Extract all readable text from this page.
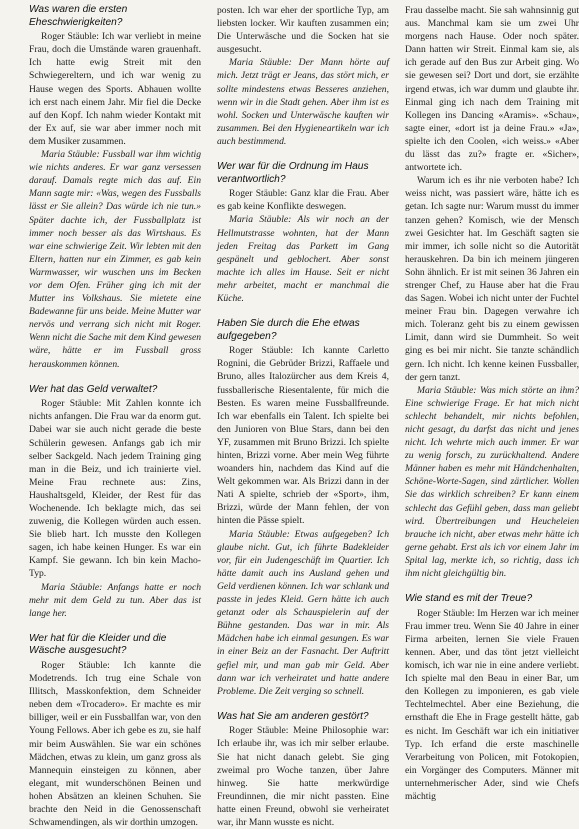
Was waren die ersten Eheschwierigkeiten?

Roger Stäuble: Ich war verliebt in meine Frau, doch die Umstände waren grauenhaft. Ich hatte ewig Streit mit den Schwiegereltern, und ich war wenig zu Hause wegen des Sports. Abhauen wollte ich erst nach einem Jahr. Mir fiel die Decke auf den Kopf. Ich nahm wieder Kontakt mit der Ex auf, sie war aber immer noch mit dem Musiker zusammen.

Maria Stäuble: Fussball war ihm wichtig wie nichts anderes. Er war ganz versessen darauf. Damals regte mich das auf. Ein Mann sagte mir: «Was, wegen des Fussballs lässt er Sie allein? Das würde ich nie tun.» Später dachte ich, der Fussballplatz ist immer noch besser als das Wirtshaus. Es war eine schwierige Zeit. Wir lebten mit den Eltern, hatten nur ein Zimmer, es gab kein Warmwasser, wir wuschen uns im Becken vor dem Ofen. Früher ging ich mit der Mutter ins Volkshaus. Sie mietete eine Badewanne für uns beide. Meine Mutter war nervös und verrang sich nicht mit Roger. Wenn nicht die Sache mit dem Kind gewesen wäre, hätte er im Fussball gross herauskommen können.

Wer hat das Geld verwaltet?

Roger Stäuble: Mit Zahlen konnte ich nichts anfangen. Die Frau war da enorm gut. Dabei war sie auch nicht gerade die beste Schülerin gewesen. Anfangs gab ich mir selber Sackgeld. Nach jedem Training ging man in die Beiz, und ich trainierte viel. Meine Frau rechnete aus: Zins, Haushaltsgeld, Kleider, der Rest für das Wochenende. Ich beklagte mich, das sei zuwenig, die Kollegen würden auch essen. Sie blieb hart. Ich musste den Kollegen sagen, ich habe keinen Hunger. Es war ein Kampf. Sie gewann. Ich bin kein Macho-Typ.

Maria Stäuble: Anfangs hatte er noch mehr mit dem Geld zu tun. Aber das ist lange her.

Wer hat für die Kleider und die Wäsche ausgesucht?

Roger Stäuble: Ich kannte die Modetrends. Ich trug eine Schale von Illitsch, Masskonfektion, dem Schneider neben dem «Trocadero». Er machte es mir billiger, weil er ein Fussballfan war, von den Young Fellows. Aber ich gebe es zu, sie half mir beim Auswählen. Sie war ein schönes Mädchen, etwas zu klein, um ganz gross als Mannequin einsteigen zu können, aber elegant, mit wunderschönen Beinen und hohen Absätzen an kleinen Schuhen. Sie brachte den Neid in die Genossenschaft Schwamendingen, als wir dorthin umzogen.

posten. Ich war eher der sportliche Typ, am liebsten locker. Wir kauften zusammen ein; Die Unterwäsche und die Socken hat sie ausgesucht.

Maria Stäuble: Der Mann hörte auf mich. Jetzt trägt er Jeans, das stört mich, er sollte mindestens etwas Besseres anziehen, wenn wir in die Stadt gehen. Aber ihm ist es wohl. Socken und Unterwäsche kauften wir zusammen. Bei den Hygieneartikeln war ich auch bestimmend.

Wer war für die Ordnung im Haus verantwortlich?

Roger Stäuble: Ganz klar die Frau. Aber es gab keine Konflikte deswegen.

Maria Stäuble: Als wir noch an der Hellmutstrasse wohnten, hat der Mann jeden Freitag das Parkett im Gang gespänelt und geblochert. Aber sonst machte ich alles im Hause. Seit er nicht mehr arbeitet, macht er manchmal die Küche.

Haben Sie durch die Ehe etwas aufgegeben?

Roger Stäuble: Ich kannte Carletto Rognini, die Gebrüder Brizzi, Raffaele und Bruno, alles Italozürcher aus dem Kreis 4, fussballerische Riesentalente, für mich die Besten. Es waren meine Fussballfreunde. Ich war ebenfalls ein Talent. Ich spielte bei den Junioren von Blue Stars, dann bei den YF, zusammen mit Bruno Brizzi. Ich spielte hinten, Brizzi vorne. Aber mein Weg führte woanders hin, nachdem das Kind auf die Welt gekommen war. Als Brizzi dann in der Nati A spielte, schrieb der «Sport», ihm, Brizzi, würde der Mann fehlen, der von hinten die Pässe spielt.

Maria Stäuble: Etwas aufgegeben? Ich glaube nicht. Gut, ich führte Badekleider vor, für ein Judengeschäft im Quartier. Ich hätte damit auch ins Ausland gehen und Geld verdienen können. Ich war schlank und passte in jedes Kleid. Gern hätte ich auch getanzt oder als Schauspielerin auf der Bühne gestanden. Das war in mir. Als Mädchen habe ich einmal gesungen. Es war in einer Beiz an der Fasnacht. Der Auftritt gefiel mir, und man gab mir Geld. Aber dann war ich verheiratet und hatte andere Probleme. Die Zeit verging so schnell.

Was hat Sie am anderen gestört?

Roger Stäuble: Meine Philosophie war: Ich erlaube ihr, was ich mir selber erlaube. Sie hat nicht danach gelebt. Sie ging zweimal pro Woche tanzen, über Jahre hinweg. Sie hatte merkwürdige Freundinnen, die mir nicht passten. Eine hatte einen Freund, obwohl sie verheiratet war, ihr Mann wusste es nicht.

Frau dasselbe macht. Sie sah wahnsinnig gut aus. Manchmal kam sie um zwei Uhr morgens nach Hause. Oder noch später. Dann hatten wir Streit. Einmal kam sie, als ich gerade auf den Bus zur Arbeit ging. Wo sie gewesen sei? Dort und dort, sie erzählte irgend etwas, ich war dumm und glaubte ihr. Einmal ging ich nach dem Training mit Kollegen ins Dancing «Aramis». «Schau», sagte einer, «dort ist ja deine Frau.» «Ja», spielte ich den Coolen, «ich weiss.» «Aber du lässt das zu?» fragte er. «Sicher», antwortete ich.

Warum ich es ihr nie verboten habe? Ich weiss nicht, was passiert wäre, hätte ich es getan. Ich sagte nur: Warum musst du immer tanzen gehen? Komisch, wie der Mensch zwei Gesichter hat. Im Geschäft sagten sie mir immer, ich solle nicht so die Autorität herauskehren. Da bin ich meinem jüngeren Sohn ähnlich. Er ist mit seinen 36 Jahren ein strenger Chef, zu Hause aber hat die Frau das Sagen. Wobei ich nicht unter der Fuchtel meiner Frau bin. Dagegen verwahre ich mich. Toleranz geht bis zu einem gewissen Limit, dann wird sie Dummheit. So weit ging es bei mir nicht. Sie tanzte schändlich gern. Ich nicht. Ich kenne keinen Fussballer, der gern tanzt.

Maria Stäuble: Was mich störte an ihm? Eine schwierige Frage. Er hat mich nicht schlecht behandelt, mir nichts befohlen, nicht gesagt, du darfst das nicht und jenes nicht. Ich wehrte mich auch immer. Er war zu wenig forsch, zu zurückhaltend. Andere Männer haben es mehr mit Händchenhalten, Schöne-Worte-Sagen, sind zärtlicher. Wollen Sie das wirklich schreiben? Er kann einem schlecht das Gefühl geben, dass man geliebt wird. Übertreibungen und Heucheleien brauche ich nicht, aber etwas mehr hätte ich gerne gehabt. Erst als ich vor einem Jahr im Spital lag, merkte ich, so richtig, dass ich ihm nicht gleichgültig bin.

Wie stand es mit der Treue?

Roger Stäuble: Im Herzen war ich meiner Frau immer treu. Wenn Sie 40 Jahre in einer Firma arbeiten, lernen Sie viele Frauen kennen. Aber, und das tönt jetzt vielleicht komisch, ich war nie in eine andere verliebt. Ich spielte mal den Beau in einer Bar, um den Kollegen zu imponieren, es gab viele Techtelmechtel. Aber eine Beziehung, die ernsthaft die Ehe in Frage gestellt hätte, gab es nicht. Im Geschäft war ich ein initiativer Typ. Ich erfand die erste maschinelle Verarbeitung von Policen, mit Fotokopien, ein Vorgänger des Computers. Männer mit unternehmerischer Ader, sind wie Chefs mächtig
